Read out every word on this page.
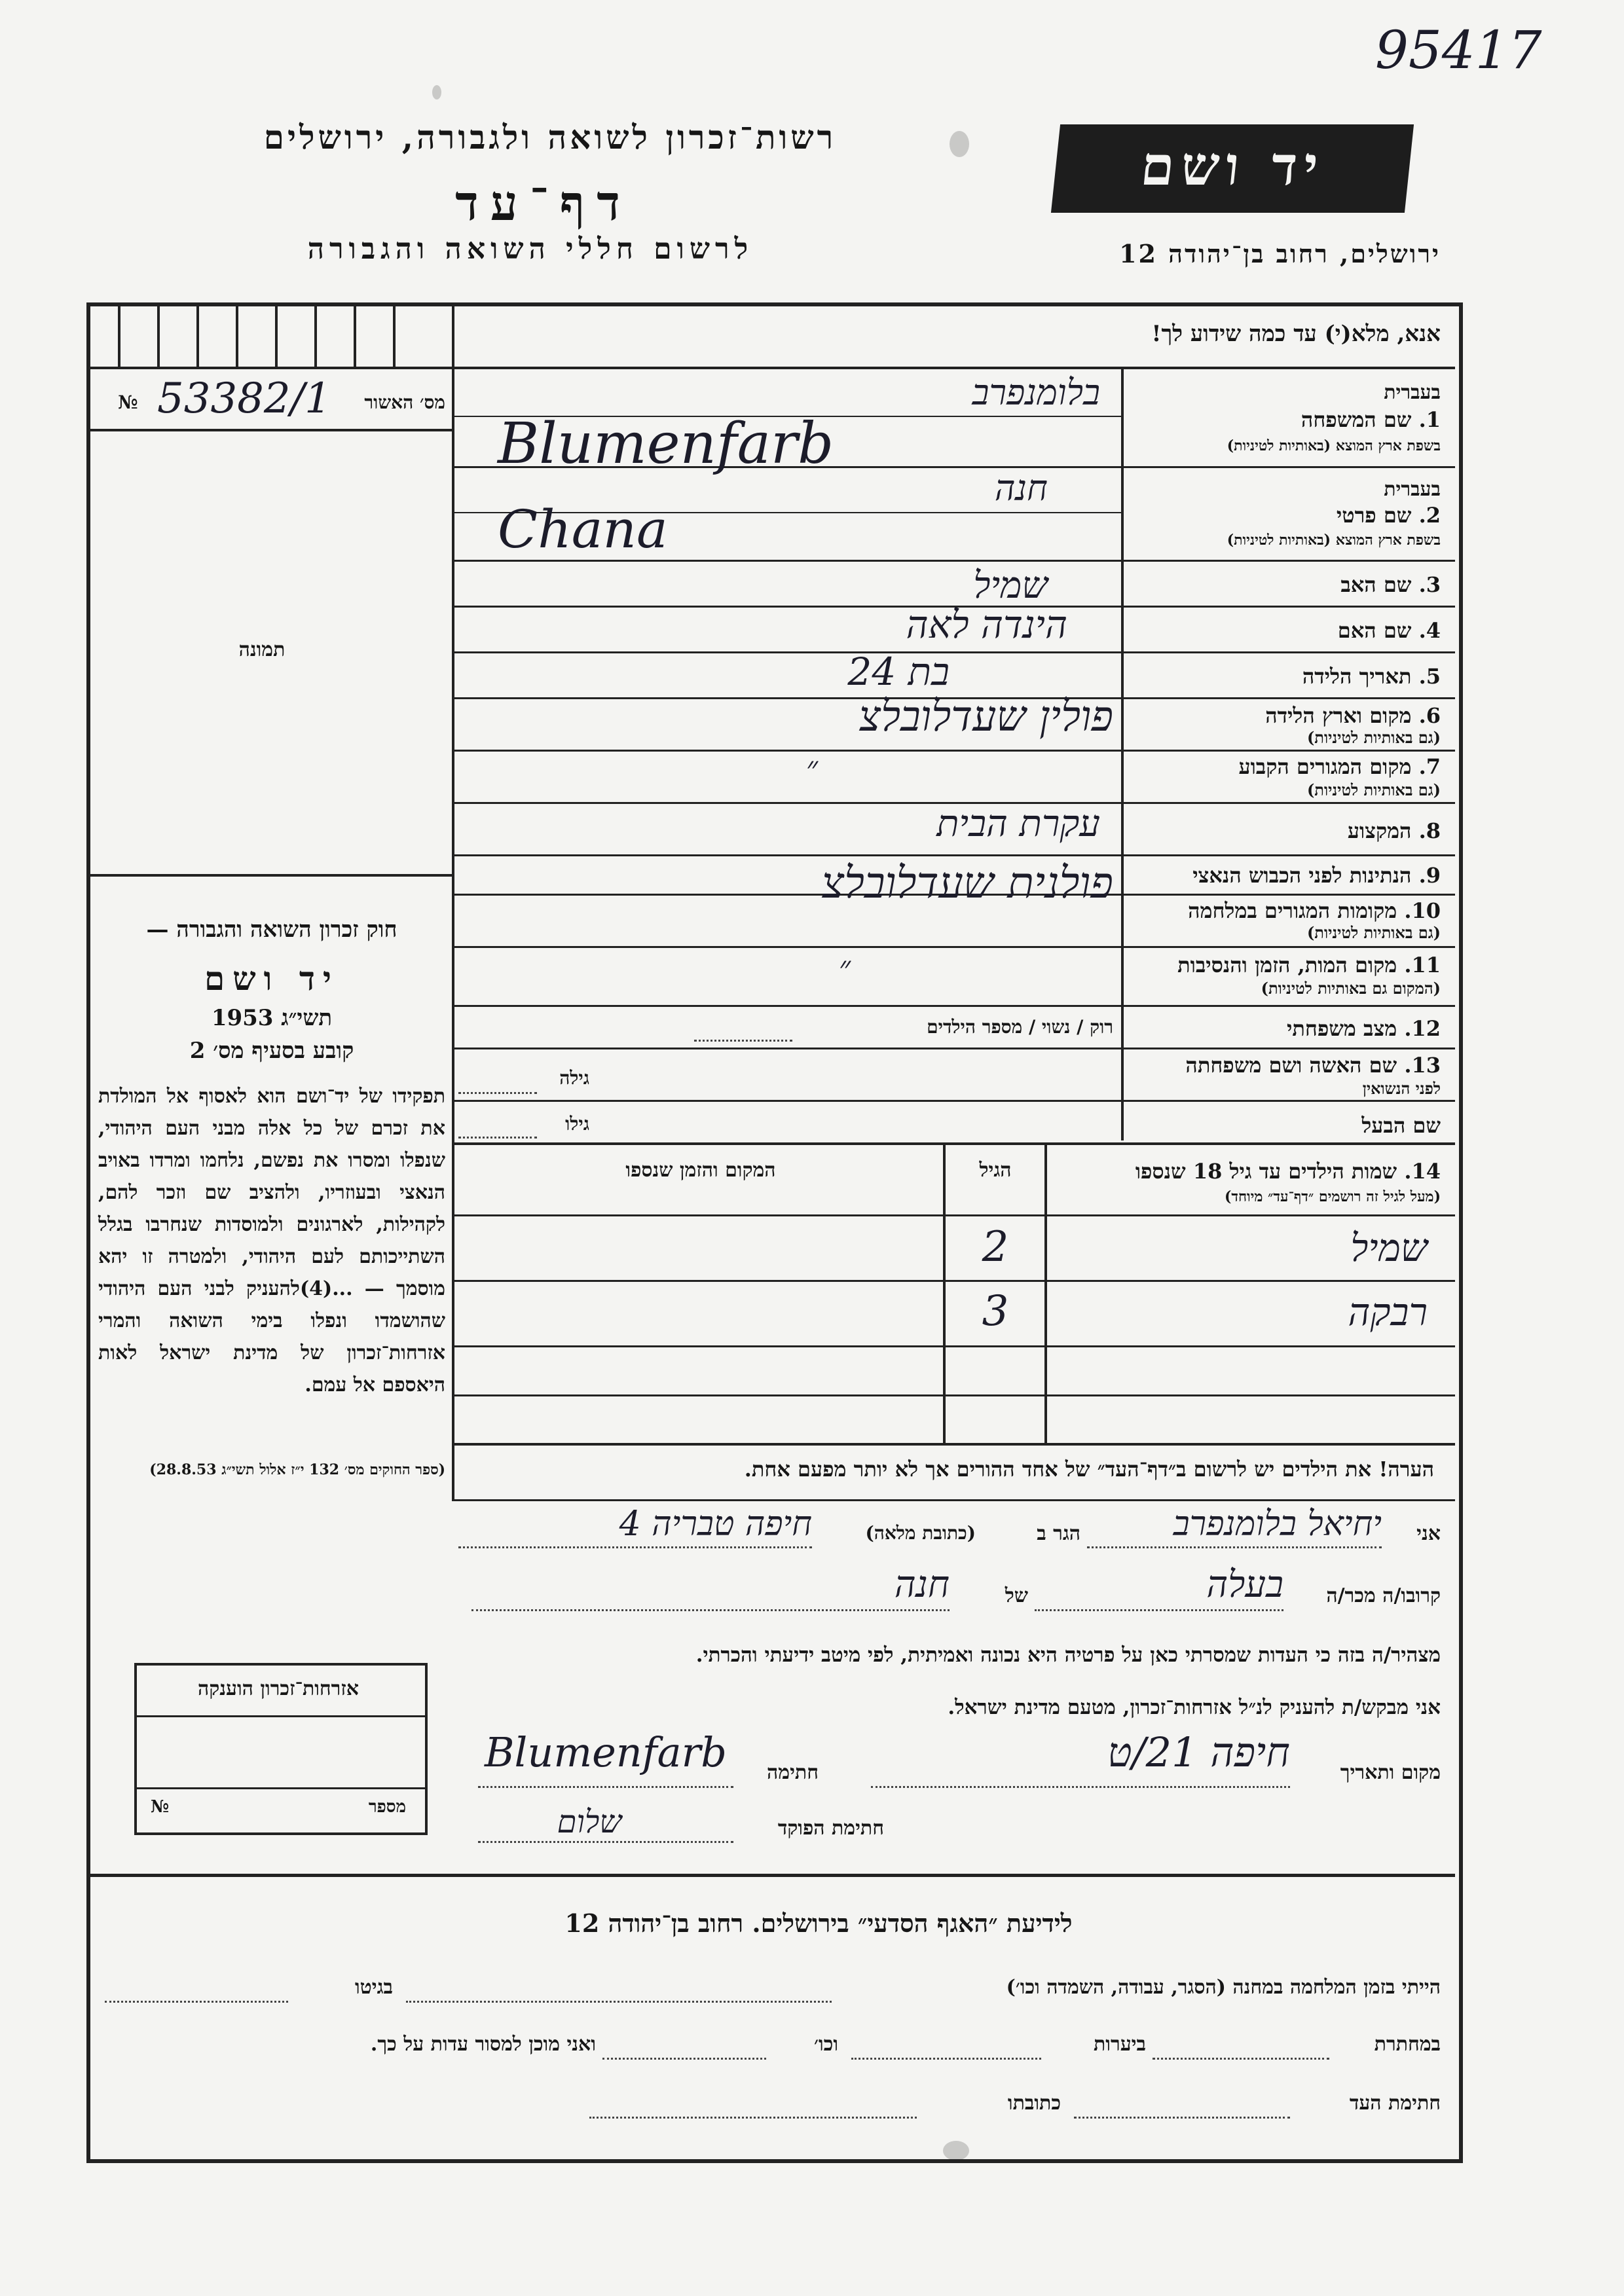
רשות־זכרון לשואה ולגבורה, ירושלים
דף־עד
לרשום חללי השואה והגבורה
יד ושם
ירושלים, רחוב בן־יהודה 12
95417
אנא, מלא(י) עד כמה שידוע לך!
מס׳ האשור
№ 53382/1
תמונה
בעברית
1. שם המשפחה
בשפת ארץ המוצא (באותיות לטיניות)
בלומנפרב
Blumenfarb
בעברית
2. שם פרטי
בשפת ארץ המוצא (באותיות לטיניות)
חנה
Chana
3. שם האב
שמיל
4. שם האם
הינדה לאה
5. תאריך הלידה
בת 24
6. מקום וארץ הלידה
(גם באותיות לטיניות)
פולין שעדלובלצ
7. מקום המגורים הקבוע
(גם באותיות לטיניות)
״
8. המקצוע
עקרת הבית
9. הנתינות לפני הכבוש הנאצי
פולנית שעדלובלצ
10. מקומות המגורים במלחמה
(גם באותיות לטיניות)
11. מקום המות, הזמן והנסיבות
(המקום גם באותיות לטיניות)
״
12. מצב משפחתי
רוק / נשוי / מספר הילדים
13. שם האשה ושם משפחתה
לפני הנשואין
גילה
שם הבעל
גילו
14. שמות הילדים עד גיל 18 שנספו
(מעל לגיל זה רושמים ״דף־עד״ מיוחד)
הגיל
המקום והזמן שנספו
שמיל
2
רבקה
3
הערה! את הילדים יש לרשום ב״דף־העד״ של אחד ההורים אך לא יותר מפעם אחת.
חוק זכרון השואה והגבורה —
יד ושם
תשי״ג 1953
קובע בסעיף מס׳ 2
תפקידו של יד־ושם הוא לאסוף אל המולדת את זכרם של כל אלה מבני העם היהודי, שנפלו ומסרו את נפשם, נלחמו ומרדו באויב הנאצי ובעוזריו, ולהציב שם וזכר להם, לקהילות, לארגונים ולמוסדות שנחרבו בגלל השתייכותם לעם היהודי, ולמטרה זו יהא מוסמך — ...(4)להעניק לבני העם היהודי שהושמדו ונפלו בימי השואה והמרי אזרחות־זכרון של מדינת ישראל לאות היאספם אל עמם.
(ספר החוקים מס׳ 132 י״ז אלול תשי״ג 28.8.53)
אני
יחיאל בלומנפרב
הגר ב
(כתובת מלאה)
חיפה טבריה 4
קרובו/ה מכר/ה
בעלה
של
חנה
מצהיר/ה בזה כי העדות שמסרתי כאן על פרטיה היא נכונה ואמיתית, לפי מיטב ידיעתי והכרתי.
אני מבקש/ת להעניק לנ״ל אזרחות־זכרון, מטעם מדינת ישראל.
מקום ותאריך
חיפה 21/ט
חתימה
Blumenfarb
חתימת הפוקד
שלום
אזרחות־זכרון הוענקה
מספר
№
לידיעת ״האגף הסדעי״ בירושלים. רחוב בן־יהודה 12
הייתי בזמן המלחמה במחנה (הסגר, עבודה, השמדה וכו׳)
בגיטו
במחתרת
ביערות
וכו׳
ואני מוכן למסור עדות על כך.
חתימת העד
כתובתו
